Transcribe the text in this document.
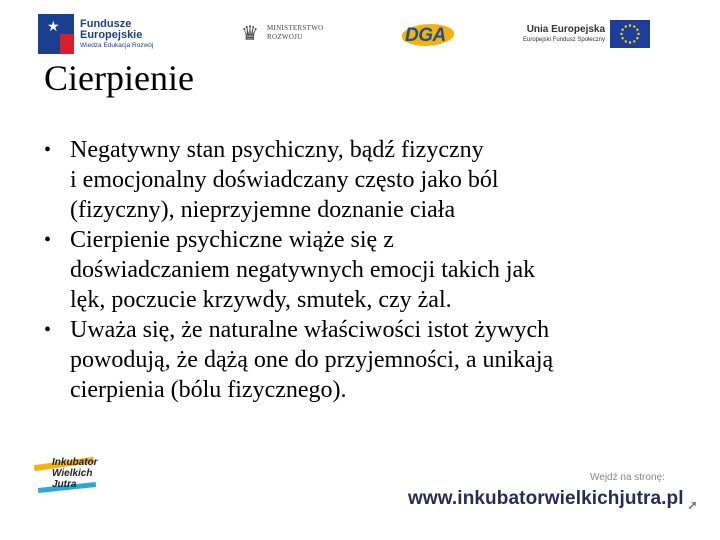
★ Fundusze
Europejskie
Wiedza Edukacja Rozwój	♛	MINISTERSTWO
ROZWOJU	DGA	Unia Europejska
Europejski Fundusz Społeczny
Cierpienie
• Negatywny stan psychiczny, bądź fizyczny
i emocjonalny doświadczany często jako ból
(fizyczny), nieprzyjemne doznanie ciała
• Cierpienie psychiczne wiąże się z
doświadczaniem negatywnych emocji takich jak
lęk, poczucie krzywdy, smutek, czy żal.
• Uważa się, że naturalne właściwości istot żywych
powodują, że dążą one do przyjemności, a unikają
cierpienia (bólu fizycznego).
Inkubator
Wielkich
Jutra
Wejdź na stronę:
www.inkubatorwielkichjutra.pl ➚
